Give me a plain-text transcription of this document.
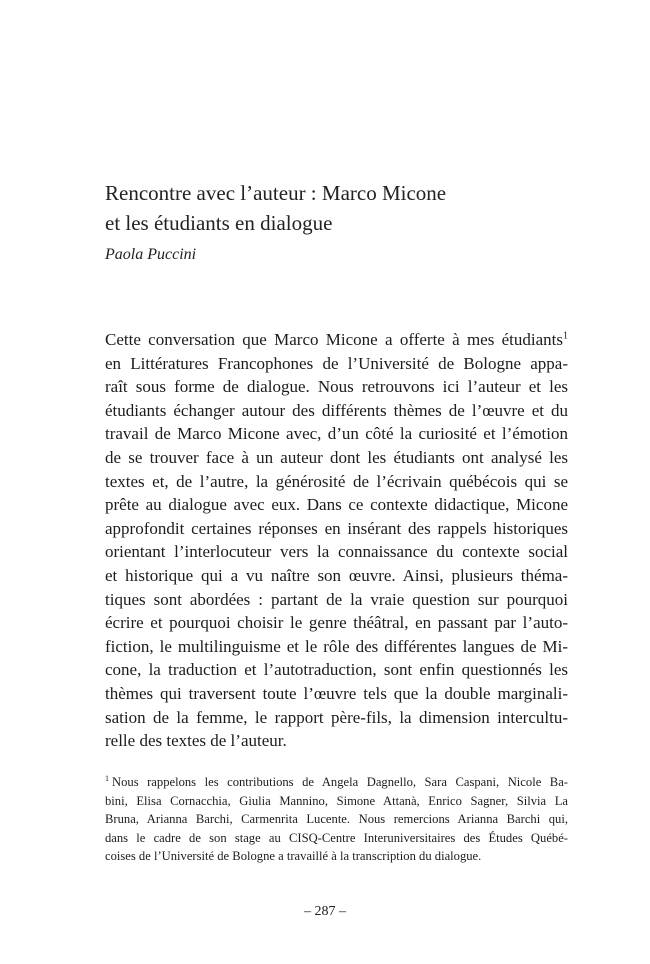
Rencontre avec l’auteur : Marco Micone
et les étudiants en dialogue
Paola Puccini
Cette conversation que Marco Micone a offerte à mes étudiants$^1$
en Littératures Francophones de l’Université de Bologne appa-
raît sous forme de dialogue. Nous retrouvons ici l’auteur et les
étudiants échanger autour des différents thèmes de l’œuvre et du
travail de Marco Micone avec, d’un côté la curiosité et l’émotion
de se trouver face à un auteur dont les étudiants ont analysé les
textes et, de l’autre, la générosité de l’écrivain québécois qui se
prête au dialogue avec eux. Dans ce contexte didactique, Micone
approfondit certaines réponses en insérant des rappels historiques
orientant l’interlocuteur vers la connaissance du contexte social
et historique qui a vu naître son œuvre. Ainsi, plusieurs théma-
tiques sont abordées : partant de la vraie question sur pourquoi
écrire et pourquoi choisir le genre théâtral, en passant par l’auto-
fiction, le multilinguisme et le rôle des différentes langues de Mi-
cone, la traduction et l’autotraduction, sont enfin questionnés les
thèmes qui traversent toute l’œuvre tels que la double marginali-
sation de la femme, le rapport père-fils, la dimension intercultu-
relle des textes de l’auteur.
$^1$ Nous rappelons les contributions de Angela Dagnello, Sara Caspani, Nicole Ba-
bini, Elisa Cornacchia, Giulia Mannino, Simone Attanà, Enrico Sagner, Silvia La
Bruna, Arianna Barchi, Carmenrita Lucente. Nous remercions Arianna Barchi qui,
dans le cadre de son stage au CISQ-Centre Interuniversitaires des Études Québé-
coises de l’Université de Bologne a travaillé à la transcription du dialogue.
– 287 –
